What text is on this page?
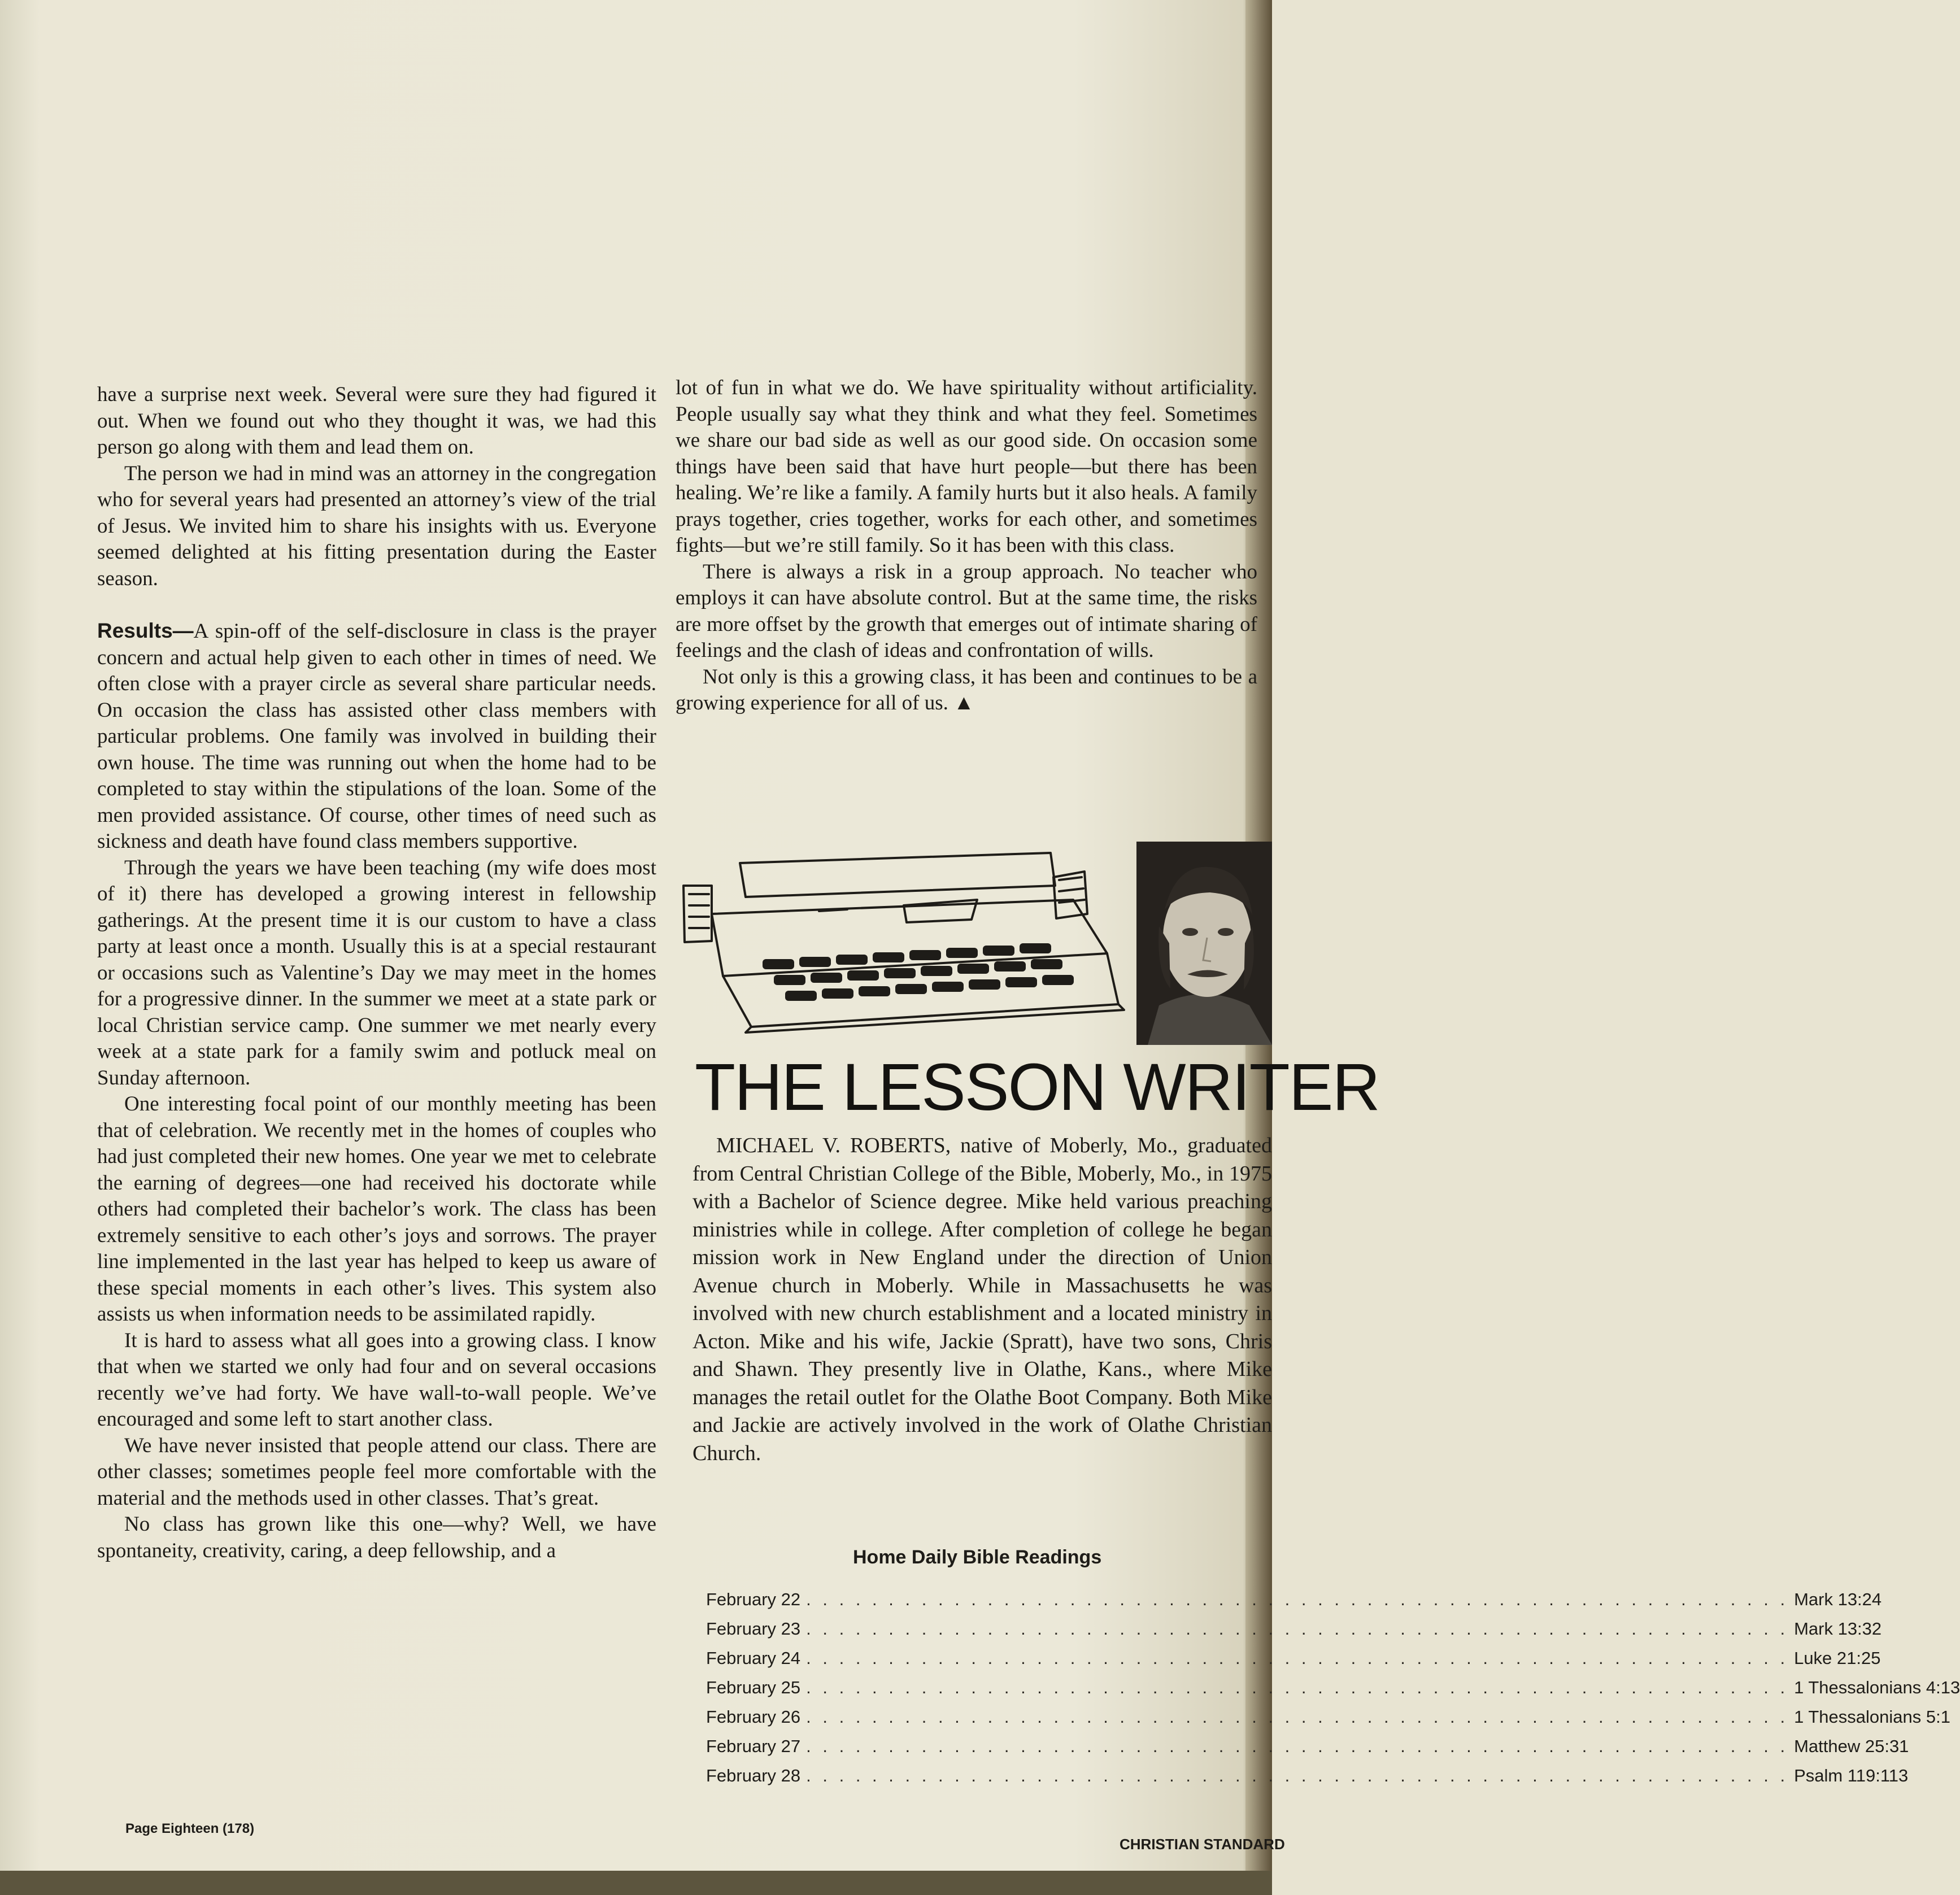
have a surprise next week. Several were sure they had figured it out. When we found out who they thought it was, we had this person go along with them and lead them on.

The person we had in mind was an attorney in the congregation who for several years had presented an attorney’s view of the trial of Jesus. We invited him to share his insights with us. Everyone seemed delighted at his fitting presentation during the Easter season.

Results—A spin-off of the self-disclosure in class is the prayer concern and actual help given to each other in times of need. We often close with a prayer circle as several share particular needs. On occasion the class has assisted other class members with particular problems. One family was involved in building their own house. The time was running out when the home had to be completed to stay within the stipulations of the loan. Some of the men provided assistance. Of course, other times of need such as sickness and death have found class members supportive.

Through the years we have been teaching (my wife does most of it) there has developed a growing interest in fellowship gatherings. At the present time it is our custom to have a class party at least once a month. Usually this is at a special restaurant or occasions such as Valentine’s Day we may meet in the homes for a progressive dinner. In the summer we meet at a state park or local Christian service camp. One summer we met nearly every week at a state park for a family swim and potluck meal on Sunday afternoon.

One interesting focal point of our monthly meeting has been that of celebration. We recently met in the homes of couples who had just completed their new homes. One year we met to celebrate the earning of degrees—one had received his doctorate while others had completed their bachelor’s work. The class has been extremely sensitive to each other’s joys and sorrows. The prayer line implemented in the last year has helped to keep us aware of these special moments in each other’s lives. This system also assists us when information needs to be assimilated rapidly.

It is hard to assess what all goes into a growing class. I know that when we started we only had four and on several occasions recently we’ve had forty. We have wall-to-wall people. We’ve encouraged and some left to start another class.

We have never insisted that people attend our class. There are other classes; sometimes people feel more comfortable with the material and the methods used in other classes. That’s great.

No class has grown like this one—why? Well, we have spontaneity, creativity, caring, a deep fellowship, and a

lot of fun in what we do. We have spirituality without artificiality. People usually say what they think and what they feel. Sometimes we share our bad side as well as our good side. On occasion some things have been said that have hurt people—but there has been healing. We’re like a family. A family hurts but it also heals. A family prays together, cries together, works for each other, and sometimes fights—but we’re still family. So it has been with this class.

There is always a risk in a group approach. No teacher who employs it can have absolute control. But at the same time, the risks are more offset by the growth that emerges out of intimate sharing of feelings and the clash of ideas and confrontation of wills.

Not only is this a growing class, it has been and continues to be a growing experience for all of us. ▲

THE LESSON WRITER

MICHAEL V. ROBERTS, native of Moberly, Mo., graduated from Central Christian College of the Bible, Moberly, Mo., in 1975 with a Bachelor of Science degree. Mike held various preaching ministries while in college. After completion of college he began mission work in New England under the direction of Union Avenue church in Moberly. While in Massachusetts he was involved with new church establishment and a located ministry in Acton. Mike and his wife, Jackie (Spratt), have two sons, Chris and Shawn. They presently live in Olathe, Kans., where Mike manages the retail outlet for the Olathe Boot Company. Both Mike and Jackie are actively involved in the work of Olathe Christian Church.

Home Daily Bible Readings
February 22 . . . . . . . . . . . . . . . . . . . . . . . . . . . . . . . . . . . . . . . . . . . . . . . . . . . . . . . . . . . . Mark 13:24
February 23 . . . . . . . . . . . . . . . . . . . . . . . . . . . . . . . . . . . . . . . . . . . . . . . . . . . . . . . . . . . . Mark 13:32
February 24 . . . . . . . . . . . . . . . . . . . . . . . . . . . . . . . . . . . . . . . . . . . . . . . . . . . . . . . . . . . . Luke 21:25
February 25 . . . . . . . . . . . . . . . . . . . . . . . . . . . . . . . . . . . . . . . . . . . . . . . . . . . . . . . . . . . . 1 Thessalonians 4:13
February 26 . . . . . . . . . . . . . . . . . . . . . . . . . . . . . . . . . . . . . . . . . . . . . . . . . . . . . . . . . . . . 1 Thessalonians 5:1
February 27 . . . . . . . . . . . . . . . . . . . . . . . . . . . . . . . . . . . . . . . . . . . . . . . . . . . . . . . . . . . . Matthew 25:31
February 28 . . . . . . . . . . . . . . . . . . . . . . . . . . . . . . . . . . . . . . . . . . . . . . . . . . . . . . . . . . . . Psalm 119:113
Page Eighteen (178)
CHRISTIAN STANDARD
